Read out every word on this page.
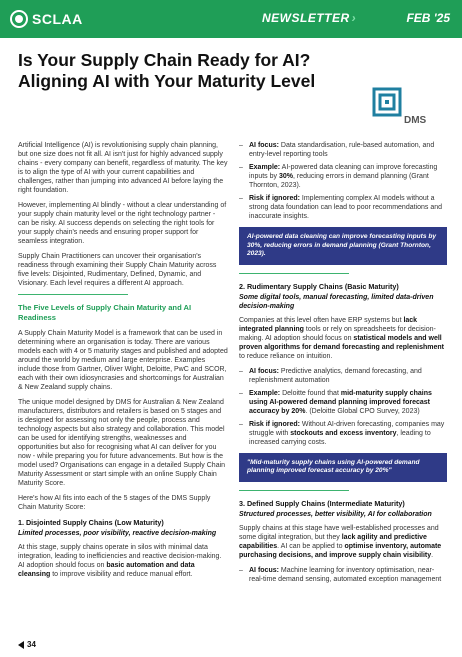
SCLAA	NEWSLETTER ›	FEB '25
Is Your Supply Chain Ready for AI? Aligning AI with Your Maturity Level
DMS

Artificial Intelligence (AI) is revolutionising supply chain planning, but one size does not fit all. AI isn't just for highly advanced supply chains - every company can benefit, regardless of maturity. The key is to align the type of AI with your current capabilities and challenges, rather than jumping into advanced AI before laying the right foundation.

However, implementing AI blindly - without a clear understanding of your supply chain maturity level or the right technology partner - can be risky. AI success depends on selecting the right tools for your supply chain's needs and ensuring proper support for seamless integration.

Supply Chain Practitioners can uncover their organisation's readiness through examining their Supply Chain Maturity across five levels: Disjointed, Rudimentary, Defined, Dynamic, and Visionary. Each level requires a different AI approach.

The Five Levels of Supply Chain Maturity and AI Readiness

A Supply Chain Maturity Model is a framework that can be used in determining where an organisation is today. There are various models each with 4 or 5 maturity stages and published and adopted around the world by medium and large enterprise. Examples include those from Gartner, Oliver Wight, Deloitte, PwC and SCOR, each with their own idiosyncrasies and shortcomings for Australian & New Zealand supply chains.

The unique model designed by DMS for Australian & New Zealand manufacturers, distributors and retailers is based on 5 stages and is designed for assessing not only the people, process and technology aspects but also strategy and collaboration. This model can be used for identifying strengths, weaknesses and opportunities but also for recognising what AI can deliver for you now - while preparing you for future advancements. But how is the model used? Organisations can engage in a detailed Supply Chain Maturity Assessment or start simple with an online Supply Chain Maturity Score.

Here's how AI fits into each of the 5 stages of the DMS Supply Chain Maturity Score:

1. Disjointed Supply Chains (Low Maturity)
Limited processes, poor visibility, reactive decision-making

At this stage, supply chains operate in silos with minimal data integration, leading to inefficiencies and reactive decision-making. AI adoption should focus on basic automation and data cleansing to improve visibility and reduce manual effort.

– AI focus: Data standardisation, rule-based automation, and entry-level reporting tools
– Example: AI-powered data cleaning can improve forecasting inputs by 30%, reducing errors in demand planning (Grant Thornton, 2023).
– Risk if ignored: Implementing complex AI models without a strong data foundation can lead to poor recommendations and inaccurate insights.
AI-powered data cleaning can improve forecasting inputs by 30%, reducing errors in demand planning (Grant Thornton, 2023).
2. Rudimentary Supply Chains (Basic Maturity)
Some digital tools, manual forecasting, limited data-driven decision-making

Companies at this level often have ERP systems but lack integrated planning tools or rely on spreadsheets for decision-making. AI adoption should focus on statistical models and well proven algorithms for demand forecasting and replenishment to reduce reliance on intuition.

– AI focus: Predictive analytics, demand forecasting, and replenishment automation
– Example: Deloitte found that mid-maturity supply chains using AI-powered demand planning improved forecast accuracy by 20%. (Deloitte Global CPO Survey, 2023)
– Risk if ignored: Without AI-driven forecasting, companies may struggle with stockouts and excess inventory, leading to increased carrying costs.
"Mid-maturity supply chains using AI-powered demand planning improved forecast accuracy by 20%"
3. Defined Supply Chains (Intermediate Maturity)
Structured processes, better visibility, AI for collaboration

Supply chains at this stage have well-established processes and some digital integration, but they lack agility and predictive capabilities. AI can be applied to optimise inventory, automate purchasing decisions, and improve supply chain visibility.

– AI focus: Machine learning for inventory optimisation, near-real-time demand sensing, automated exception management
34
